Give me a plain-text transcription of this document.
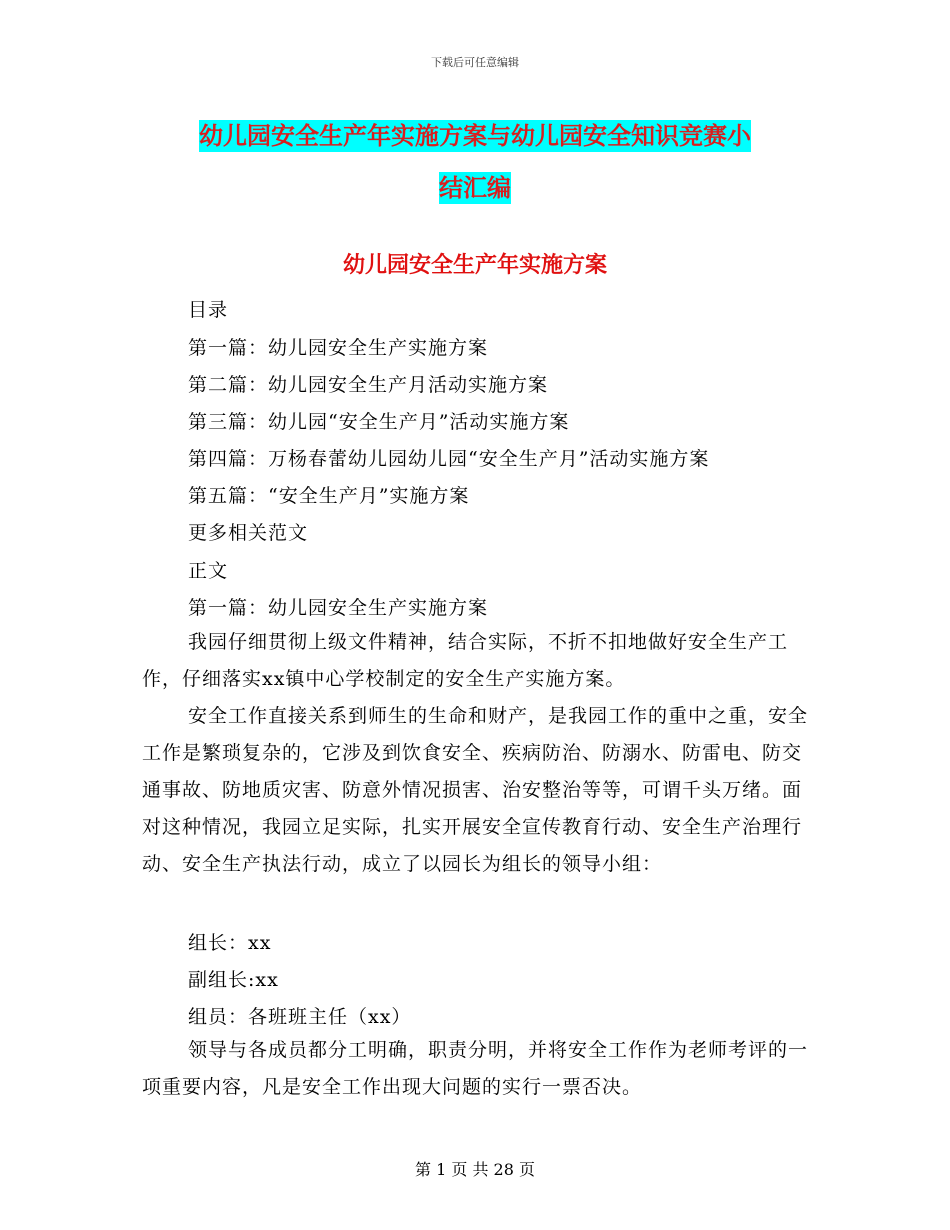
下载后可任意编辑
幼儿园安全生产年实施方案与幼儿园安全知识竞赛小
结汇编
幼儿园安全生产年实施方案
目录
第一篇：幼儿园安全生产实施方案
第二篇：幼儿园安全生产月活动实施方案
第三篇：幼儿园“安全生产月”活动实施方案
第四篇：万杨春蕾幼儿园幼儿园“安全生产月”活动实施方案
第五篇：“安全生产月”实施方案
更多相关范文
正文
第一篇：幼儿园安全生产实施方案
我园仔细贯彻上级文件精神，结合实际，不折不扣地做好安全生产工作，仔细落实xx镇中心学校制定的安全生产实施方案。
安全工作直接关系到师生的生命和财产，是我园工作的重中之重，安全工作是繁琐复杂的，它涉及到饮食安全、疾病防治、防溺水、防雷电、防交通事故、防地质灾害、防意外情况损害、治安整治等等，可谓千头万绪。面对这种情况，我园立足实际，扎实开展安全宣传教育行动、安全生产治理行动、安全生产执法行动，成立了以园长为组长的领导小组：
组长：xx
副组长:xx
组员：各班班主任（xx）
领导与各成员都分工明确，职责分明，并将安全工作作为老师考评的一项重要内容，凡是安全工作出现大问题的实行一票否决。
第 1 页 共 28 页
